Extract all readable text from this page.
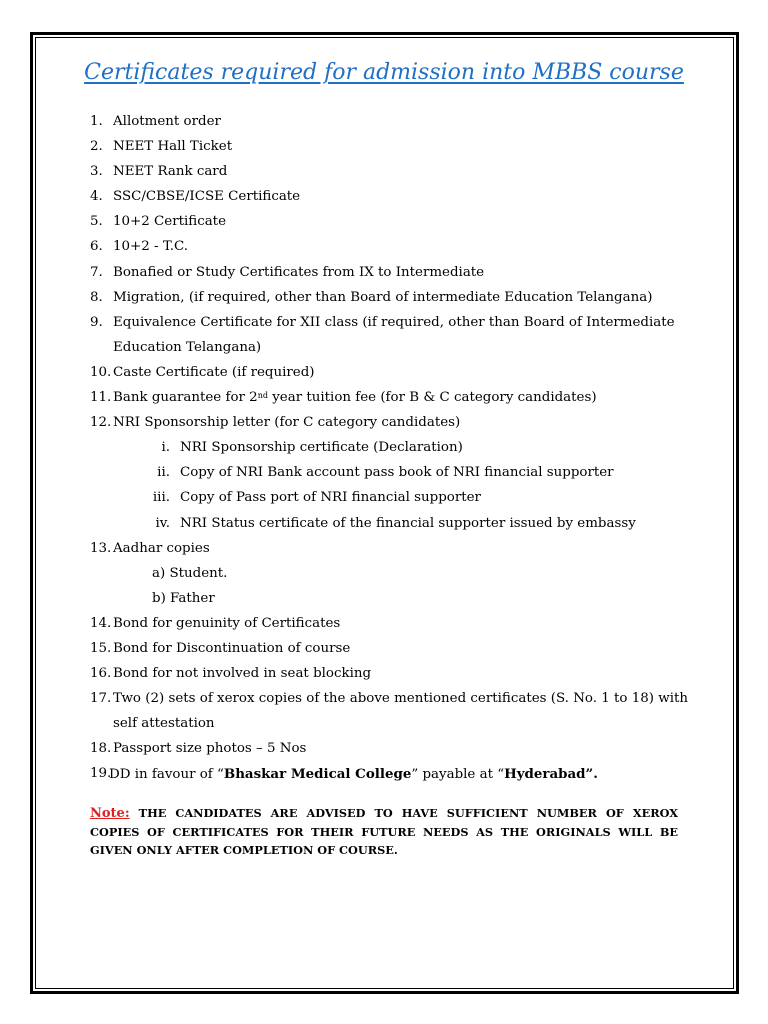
Certificates required for admission into MBBS course
1. Allotment order
2. NEET Hall Ticket
3. NEET Rank card
4. SSC/CBSE/ICSE Certificate
5. 10+2 Certificate
6. 10+2 - T.C.
7. Bonafied or Study Certificates from IX to Intermediate
8. Migration, (if required, other than Board of intermediate Education Telangana)
9. Equivalence Certificate for XII class (if required, other than Board of Intermediate
Education Telangana)
10. Caste Certificate (if required)
11. Bank guarantee for 2nd year tuition fee (for B & C category candidates)
12. NRI Sponsorship letter (for C category candidates)
i. NRI Sponsorship certificate (Declaration)
ii. Copy of NRI Bank account pass book of NRI financial supporter
iii. Copy of Pass port of NRI financial supporter
iv. NRI Status certificate of the financial supporter issued by embassy
13. Aadhar copies
a) Student.
b) Father
14. Bond for genuinity of Certificates
15. Bond for Discontinuation of course
16. Bond for not involved in seat blocking
17. Two (2) sets of xerox copies of the above mentioned certificates (S. No. 1 to 18) with
self attestation
18. Passport size photos – 5 Nos
19.
DD in favour of “Bhaskar Medical College” payable at “Hyderabad”.
Note: THE CANDIDATES ARE ADVISED TO HAVE SUFFICIENT NUMBER OF XEROX COPIES OF CERTIFICATES FOR THEIR FUTURE NEEDS AS THE ORIGINALS WILL BE GIVEN ONLY AFTER COMPLETION OF COURSE.
